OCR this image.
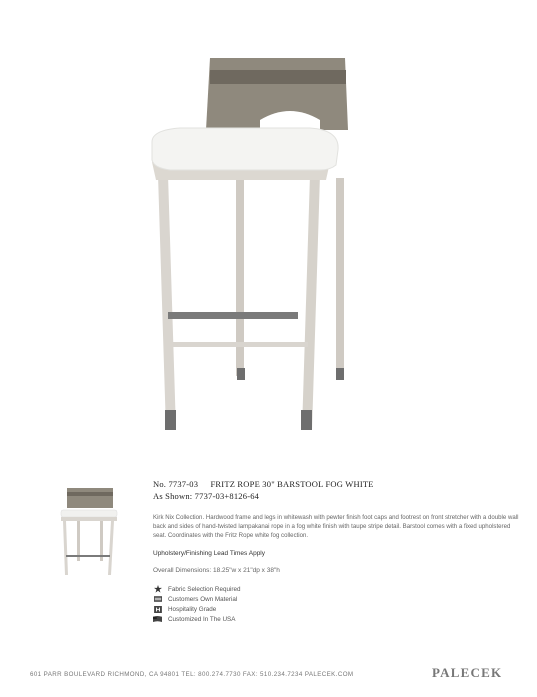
No. 7737-03 FRITZ ROPE 30" BARSTOOL FOG WHITE
As Shown: 7737-03+8126-64
Kirk Nix Collection. Hardwood frame and legs in whitewash with pewter finish foot caps and footrest on front stretcher with a double wall back and sides of hand-twisted lampakanai rope in a fog white finish with taupe stripe detail. Barstool comes with a fixed upholstered seat. Coordinates with the Fritz Rope white fog collection.
Upholstery/Finishing Lead Times Apply
Overall Dimensions: 18.25"w x 21"dp x 38"h
Fabric Selection Required
Customers Own Material
Hospitality Grade
Customized In The USA
601 PARR BOULEVARD RICHMOND, CA 94801 TEL: 800.274.7730 FAX: 510.234.7234 PALECEK.COM	PALECEK
